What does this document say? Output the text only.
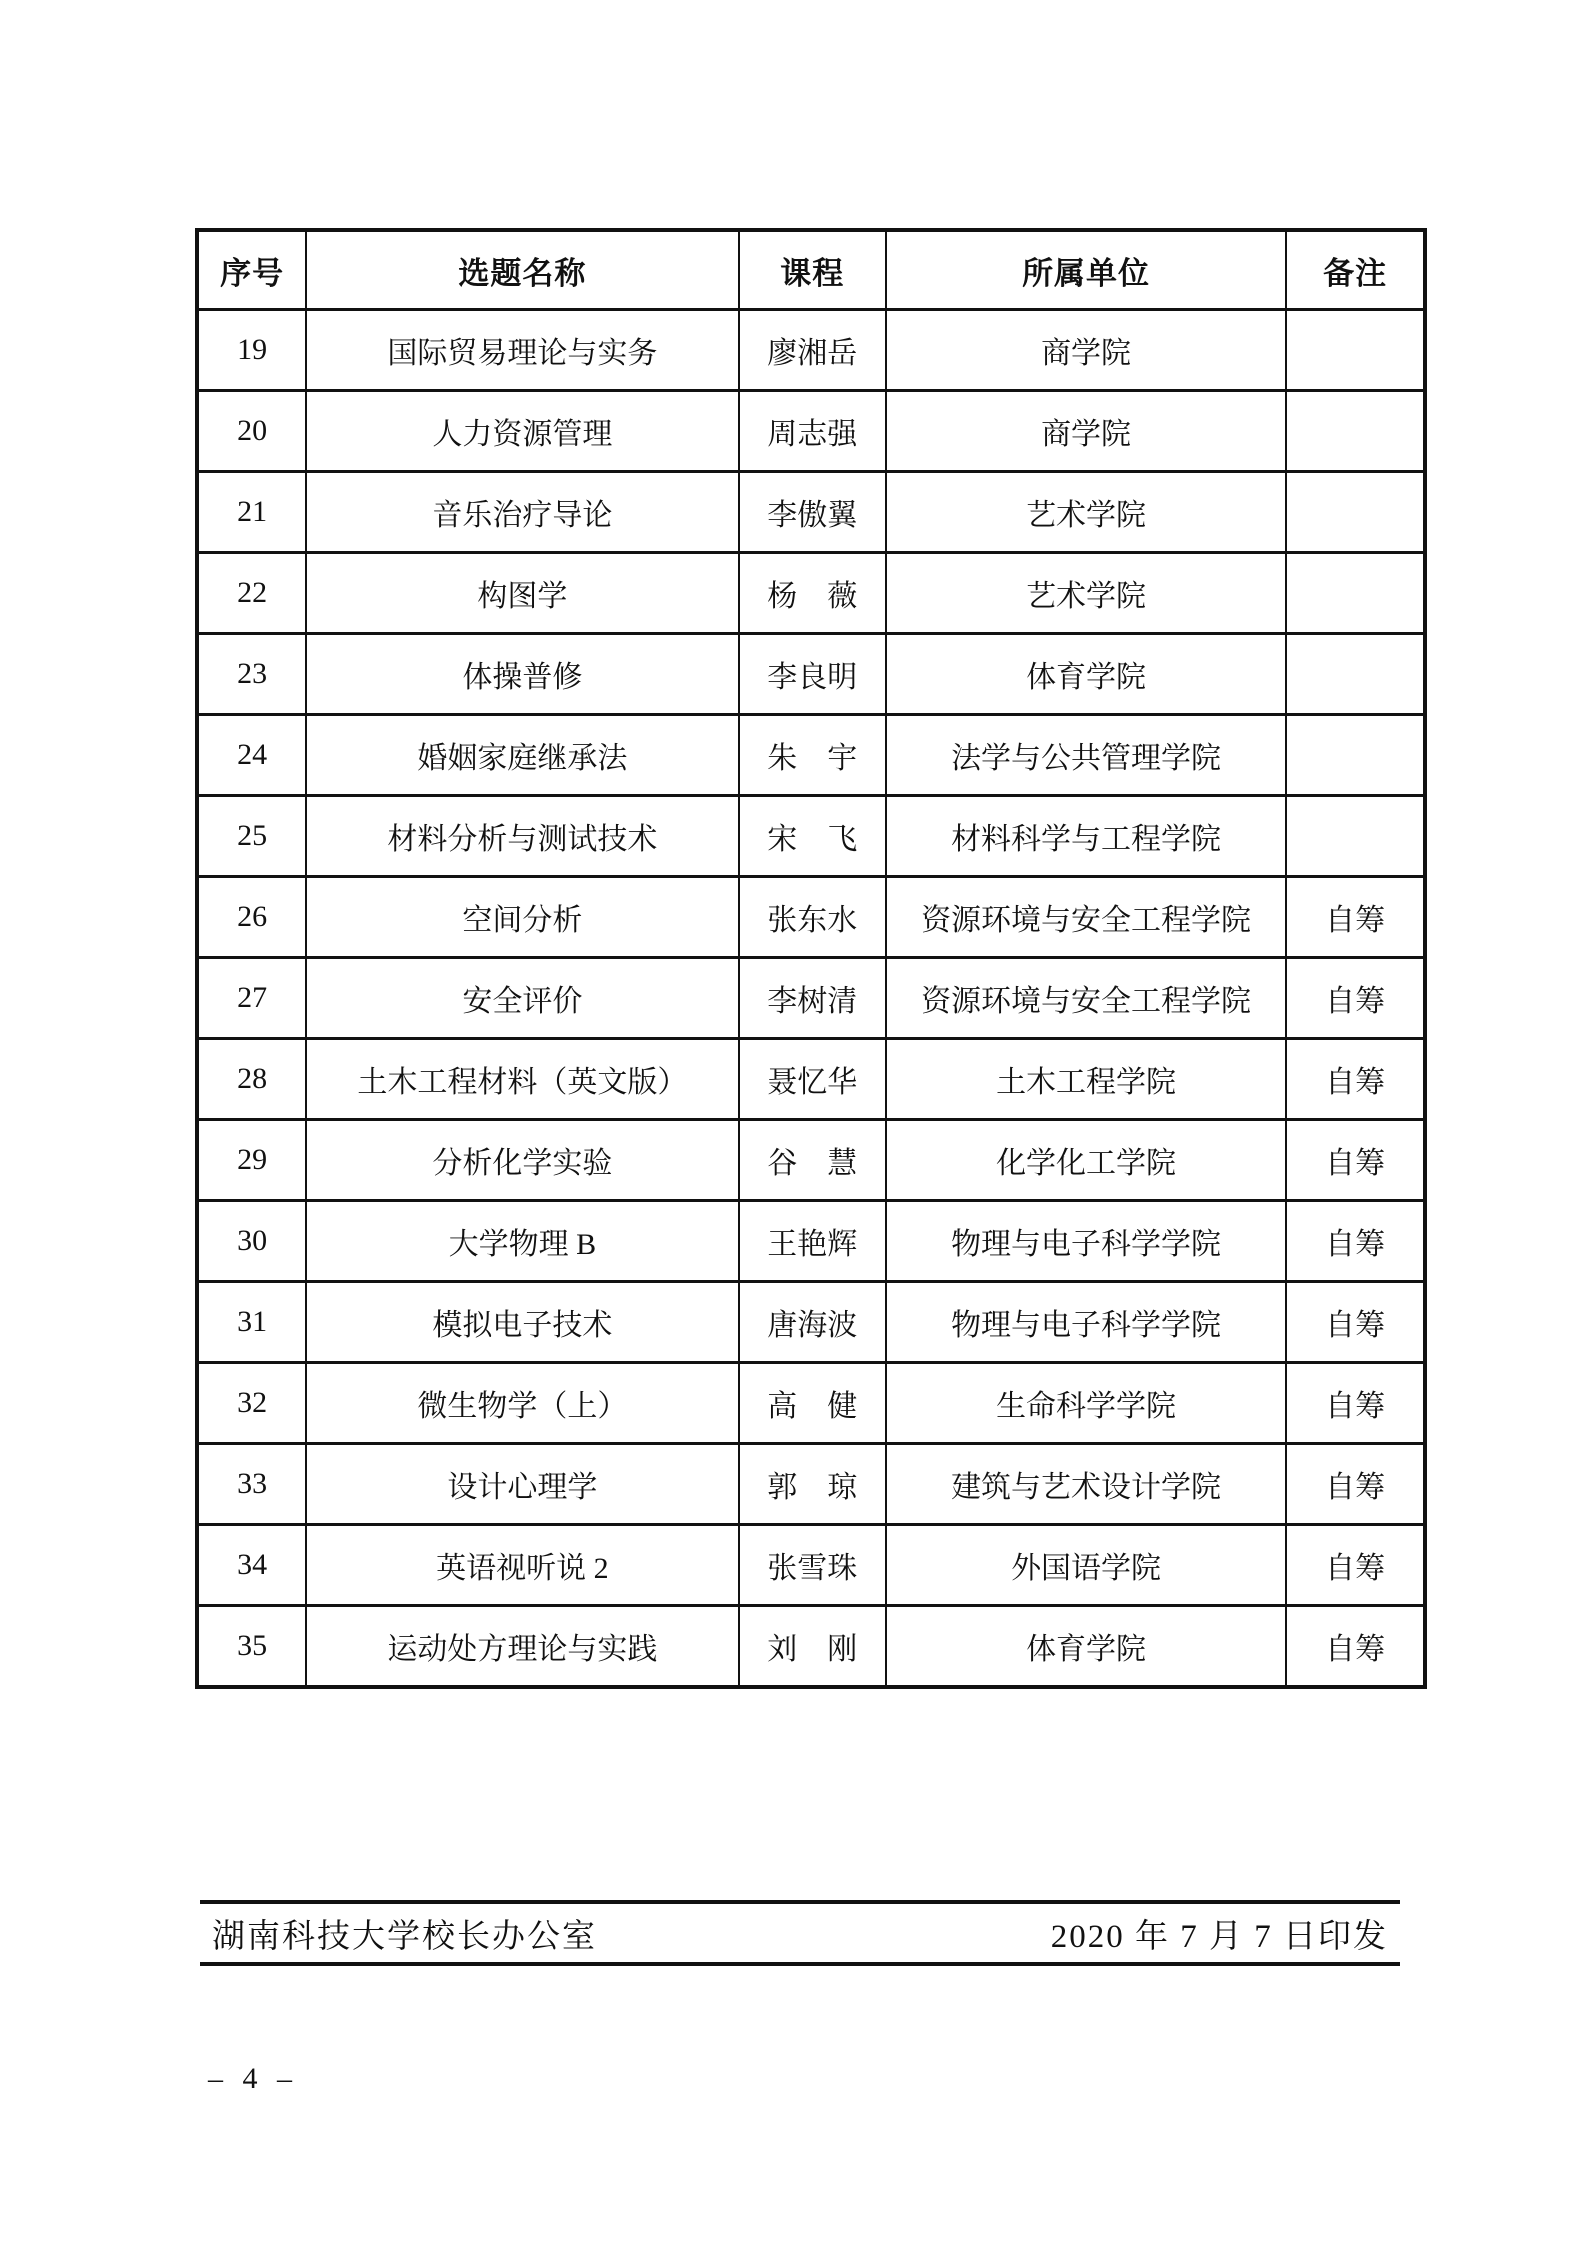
序号	选题名称	课程	所属单位	备注
19	国际贸易理论与实务	廖湘岳	商学院	
20	人力资源管理	周志强	商学院	
21	音乐治疗导论	李傲翼	艺术学院	
22	构图学	杨　薇	艺术学院	
23	体操普修	李良明	体育学院	
24	婚姻家庭继承法	朱　宇	法学与公共管理学院	
25	材料分析与测试技术	宋　飞	材料科学与工程学院	
26	空间分析	张东水	资源环境与安全工程学院	自筹
27	安全评价	李树清	资源环境与安全工程学院	自筹
28	土木工程材料（英文版）	聂忆华	土木工程学院	自筹
29	分析化学实验	谷　慧	化学化工学院	自筹
30	大学物理 B	王艳辉	物理与电子科学学院	自筹
31	模拟电子技术	唐海波	物理与电子科学学院	自筹
32	微生物学（上）	高　健	生命科学学院	自筹
33	设计心理学	郭　琼	建筑与艺术设计学院	自筹
34	英语视听说 2	张雪珠	外国语学院	自筹
35	运动处方理论与实践	刘　刚	体育学院	自筹
湖南科技大学校长办公室	2020 年 7 月 7 日印发
– 4 –
